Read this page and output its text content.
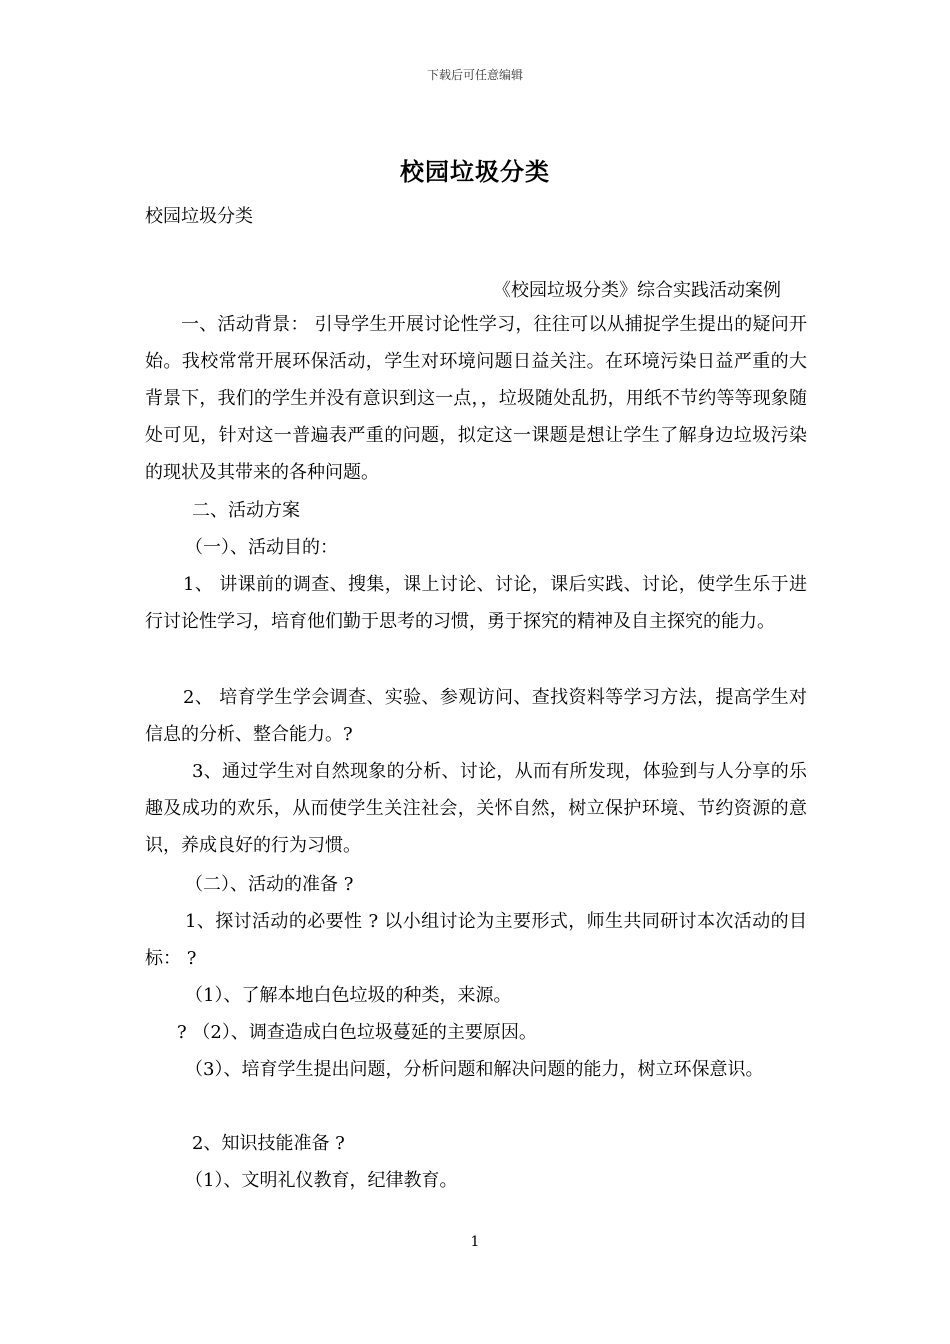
下载后可任意编辑
校园垃圾分类
校园垃圾分类
《校园垃圾分类》综合实践活动案例
一、活动背景： 引导学生开展讨论性学习，往往可以从捕捉学生提出的疑问开始。我校常常开展环保活动，学生对环境问题日益关注。在环境污染日益严重的大背景下，我们的学生并没有意识到这一点，，垃圾随处乱扔，用纸不节约等等现象随处可见，针对这一普遍表严重的问题，拟定这一课题是想让学生了解身边垃圾污染的现状及其带来的各种问题。
二、活动方案
（一）、活动目的：
1、 讲课前的调查、搜集，课上讨论、讨论，课后实践、讨论，使学生乐于进行讨论性学习，培育他们勤于思考的习惯，勇于探究的精神及自主探究的能力。
2、 培育学生学会调查、实验、参观访问、查找资料等学习方法，提高学生对信息的分析、整合能力。?
3、通过学生对自然现象的分析、讨论，从而有所发现，体验到与人分享的乐趣及成功的欢乐，从而使学生关注社会，关怀自然，树立保护环境、节约资源的意识，养成良好的行为习惯。
（二）、活动的准备 ?
1、探讨活动的必要性 ? 以小组讨论为主要形式，师生共同研讨本次活动的目标： ?
（1）、了解本地白色垃圾的种类，来源。
? （2）、调查造成白色垃圾蔓延的主要原因。
（3）、培育学生提出问题，分析问题和解决问题的能力，树立环保意识。
2、知识技能准备 ?
（1）、文明礼仪教育，纪律教育。
1
